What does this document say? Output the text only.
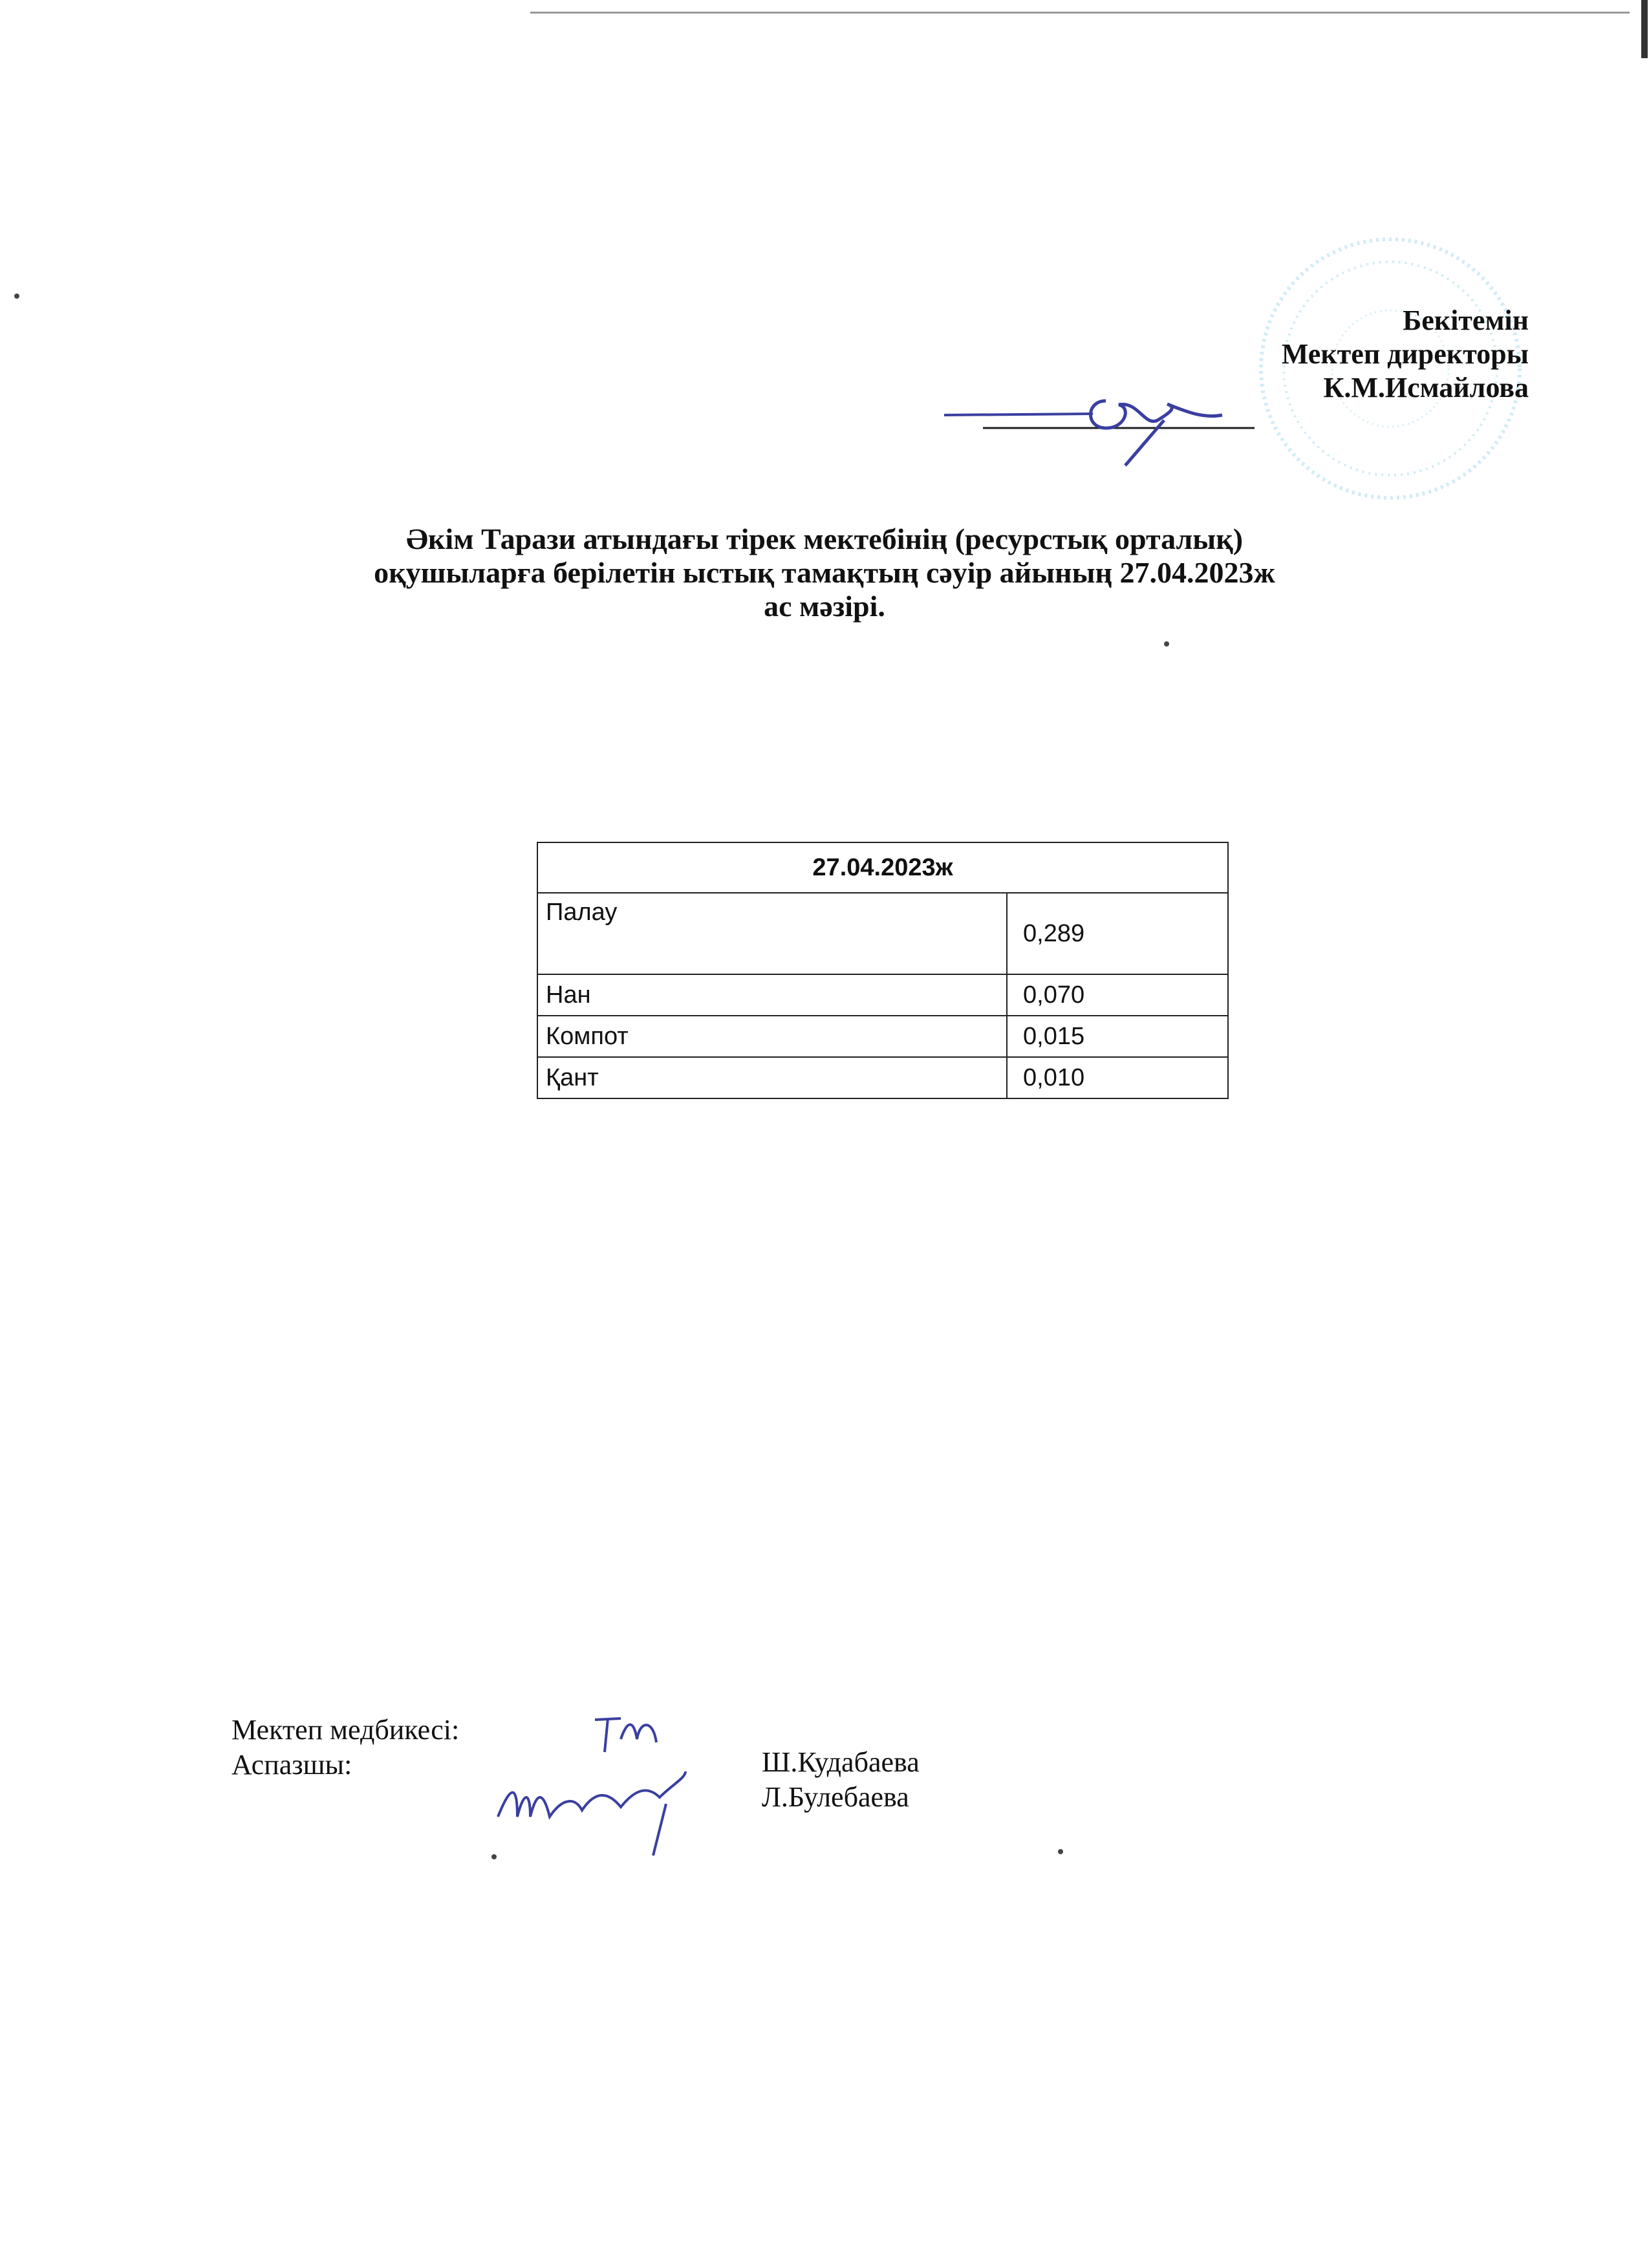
Бекітемін
Мектеп директоры
К.М.Исмайлова
Әкім Тарази атындағы тірек мектебінің (ресурстық орталық)
оқушыларға берілетін ыстық тамақтың сәуір айының 27.04.2023ж
ас мәзірі.
27.04.2023ж	
Палау	0,289
Нан	0,070
Компот	0,015
Қант	0,010
Мектеп медбикесі:
Аспазшы:	Ш.Кудабаева
Л.Булебаева
